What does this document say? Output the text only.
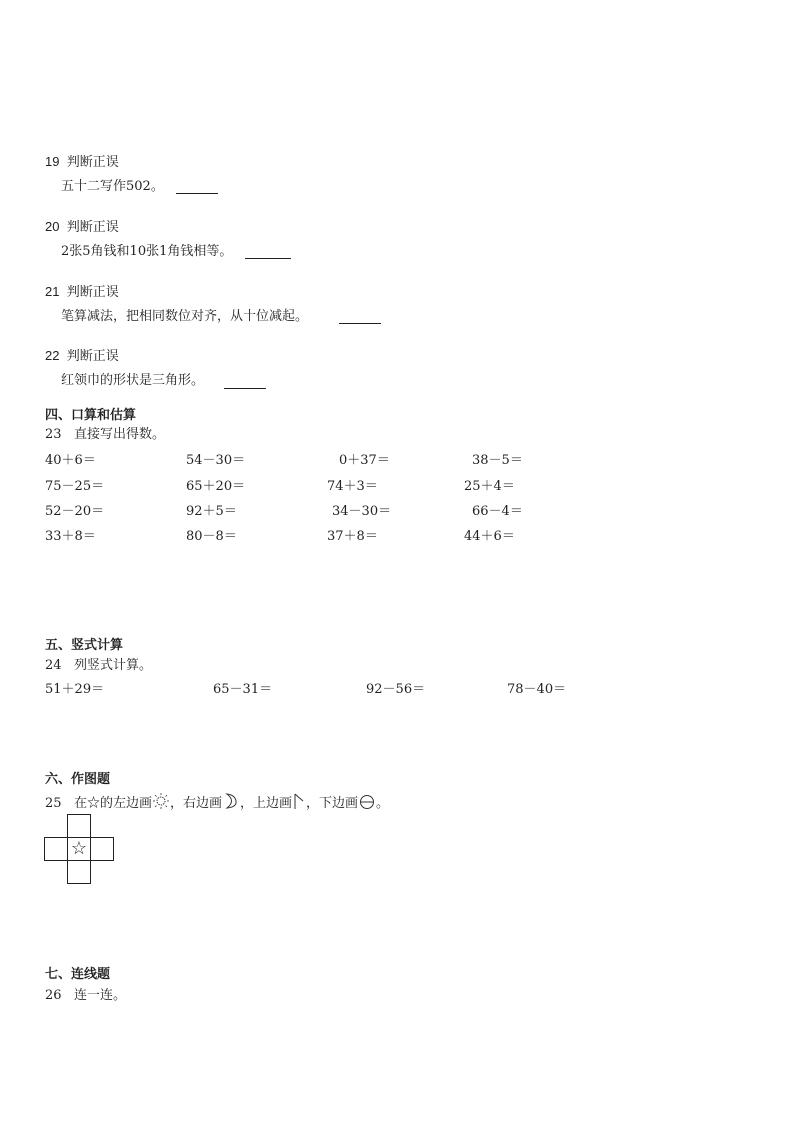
19 判断正误
五十二写作502。
20 判断正误
2张5角钱和10张1角钱相等。
21 判断正误
笔算减法，把相同数位对齐，从十位减起。
22 判断正误
红领巾的形状是三角形。
四、口算和估算
23 直接写出得数。
40＋6＝	54－30＝	0＋37＝	38－5＝
75－25＝	65＋20＝	74＋3＝	25＋4＝
52－20＝	92＋5＝	34－30＝	66－4＝
33＋8＝	80－8＝	37＋8＝	44＋6＝
五、竖式计算
24 列竖式计算。
51＋29＝	65－31＝	92－56＝	78－40＝
六、作图题
25 在☆的左边画 ，右边画 ，上边画 ，下边画 。
☆
七、连线题
26 连一连。
